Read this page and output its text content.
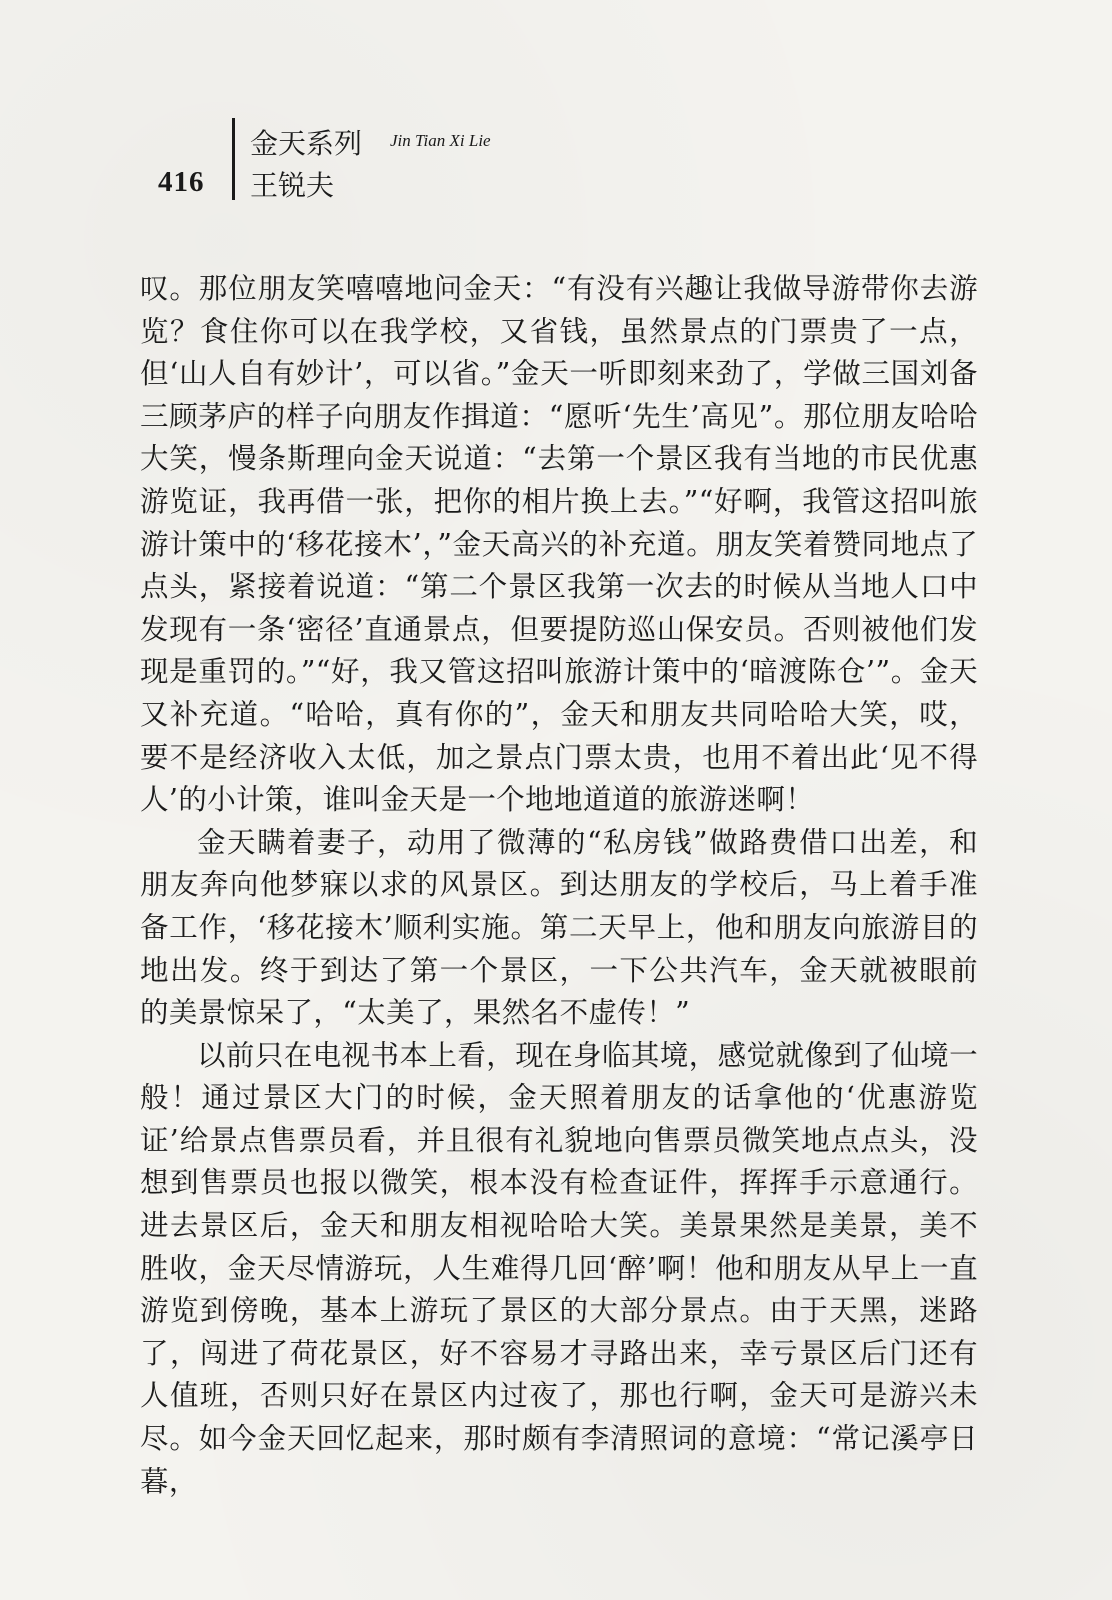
416
金天系列 Jin Tian Xi Lie
王锐夫

叹。那位朋友笑嘻嘻地问金天：“有没有兴趣让我做导游带你去游览？食住你可以在我学校，又省钱，虽然景点的门票贵了一点，但‘山人自有妙计’，可以省。”金天一听即刻来劲了，学做三国刘备三顾茅庐的样子向朋友作揖道：“愿听‘先生’高见”。那位朋友哈哈大笑，慢条斯理向金天说道：“去第一个景区我有当地的市民优惠游览证，我再借一张，把你的相片换上去。”“好啊，我管这招叫旅游计策中的‘移花接木’，”金天高兴的补充道。朋友笑着赞同地点了点头，紧接着说道：“第二个景区我第一次去的时候从当地人口中发现有一条‘密径’直通景点，但要提防巡山保安员。否则被他们发现是重罚的。”“好，我又管这招叫旅游计策中的‘暗渡陈仓’”。金天又补充道。“哈哈，真有你的”，金天和朋友共同哈哈大笑，哎，要不是经济收入太低，加之景点门票太贵，也用不着出此‘见不得人’的小计策，谁叫金天是一个地地道道的旅游迷啊！

金天瞒着妻子，动用了微薄的“私房钱”做路费借口出差，和朋友奔向他梦寐以求的风景区。到达朋友的学校后，马上着手准备工作，‘移花接木’顺利实施。第二天早上，他和朋友向旅游目的地出发。终于到达了第一个景区，一下公共汽车，金天就被眼前的美景惊呆了，“太美了，果然名不虚传！”

以前只在电视书本上看，现在身临其境，感觉就像到了仙境一般！通过景区大门的时候，金天照着朋友的话拿他的‘优惠游览证’给景点售票员看，并且很有礼貌地向售票员微笑地点点头，没想到售票员也报以微笑，根本没有检查证件，挥挥手示意通行。进去景区后，金天和朋友相视哈哈大笑。美景果然是美景，美不胜收，金天尽情游玩，人生难得几回‘醉’啊！他和朋友从早上一直游览到傍晚，基本上游玩了景区的大部分景点。由于天黑，迷路了，闯进了荷花景区，好不容易才寻路出来，幸亏景区后门还有人值班，否则只好在景区内过夜了，那也行啊，金天可是游兴未尽。如今金天回忆起来，那时颇有李清照词的意境：“常记溪亭日暮，
